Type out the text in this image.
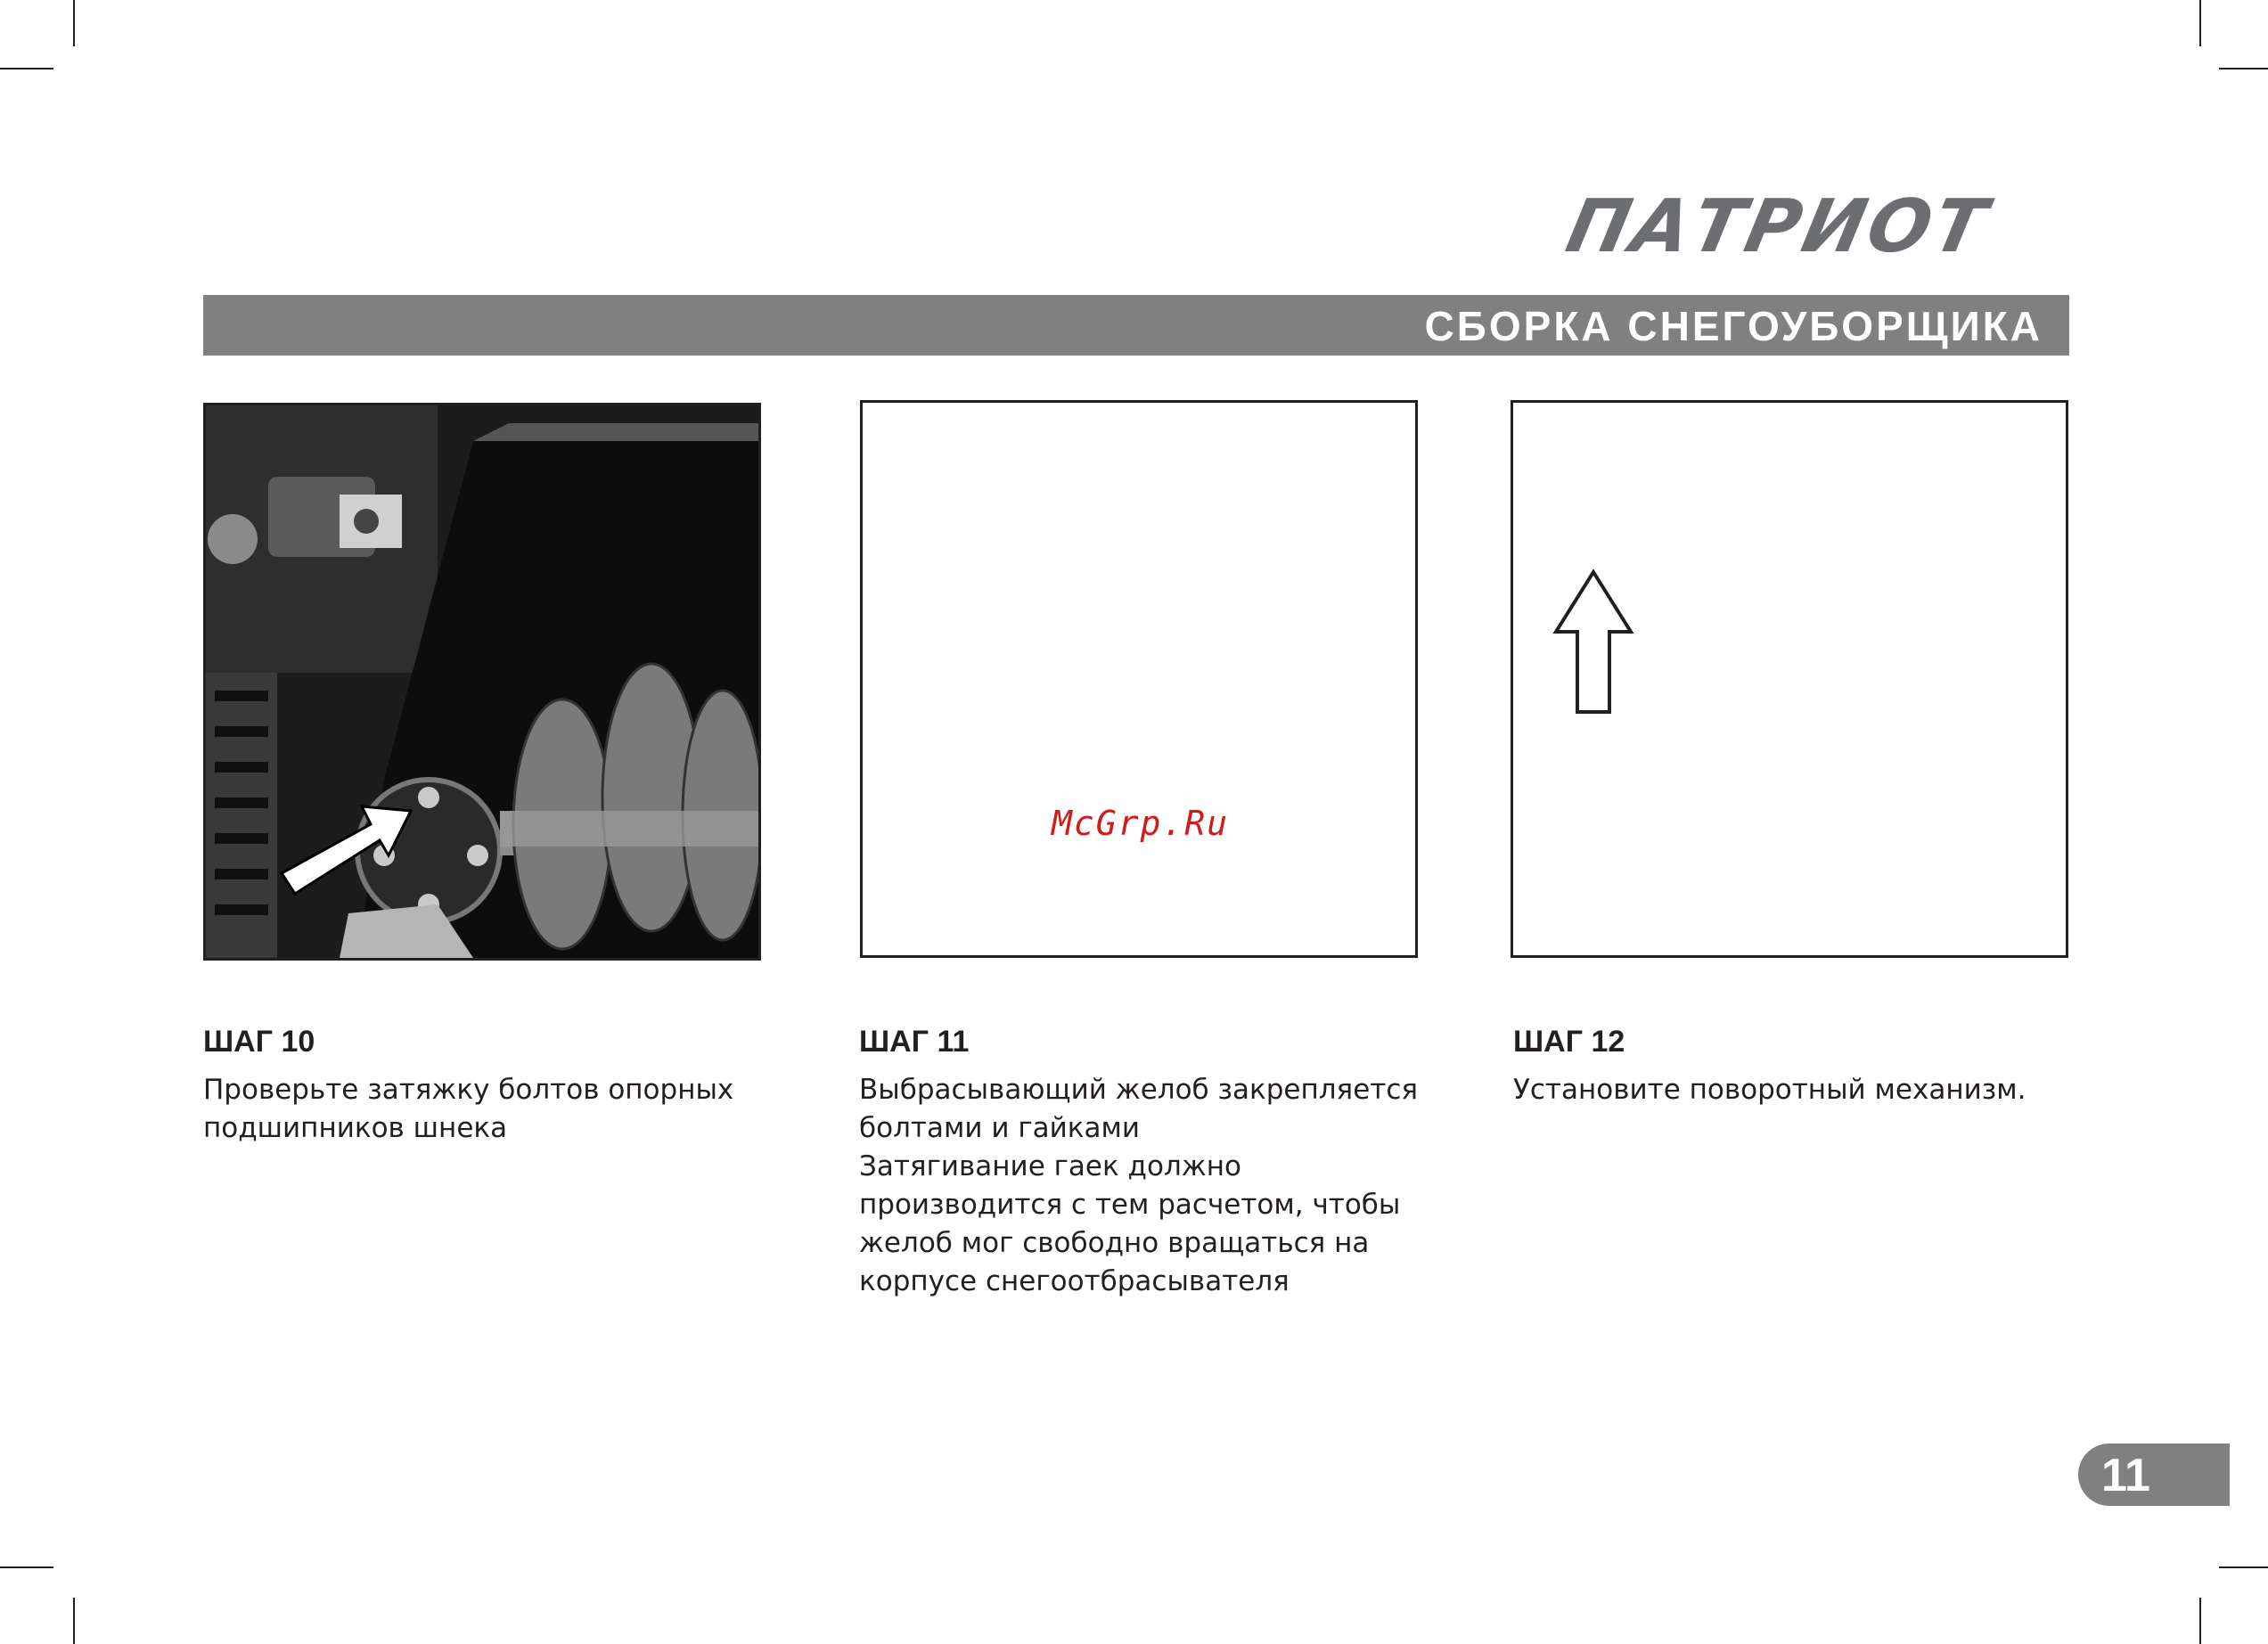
ПАТРИОТ
СБОРКА СНЕГОУБОРЩИКА
McGrp.Ru
ШАГ 10
Проверьте затяжку болтов опорных
подшипников шнека
ШАГ 11
Выбрасывающий желоб закрепляется
болтами и гайками
Затягивание гаек должно
производится с тем расчетом, чтобы
желоб мог свободно вращаться на
корпусе снегоотбрасывателя
ШАГ 12
Установите поворотный механизм.
11
